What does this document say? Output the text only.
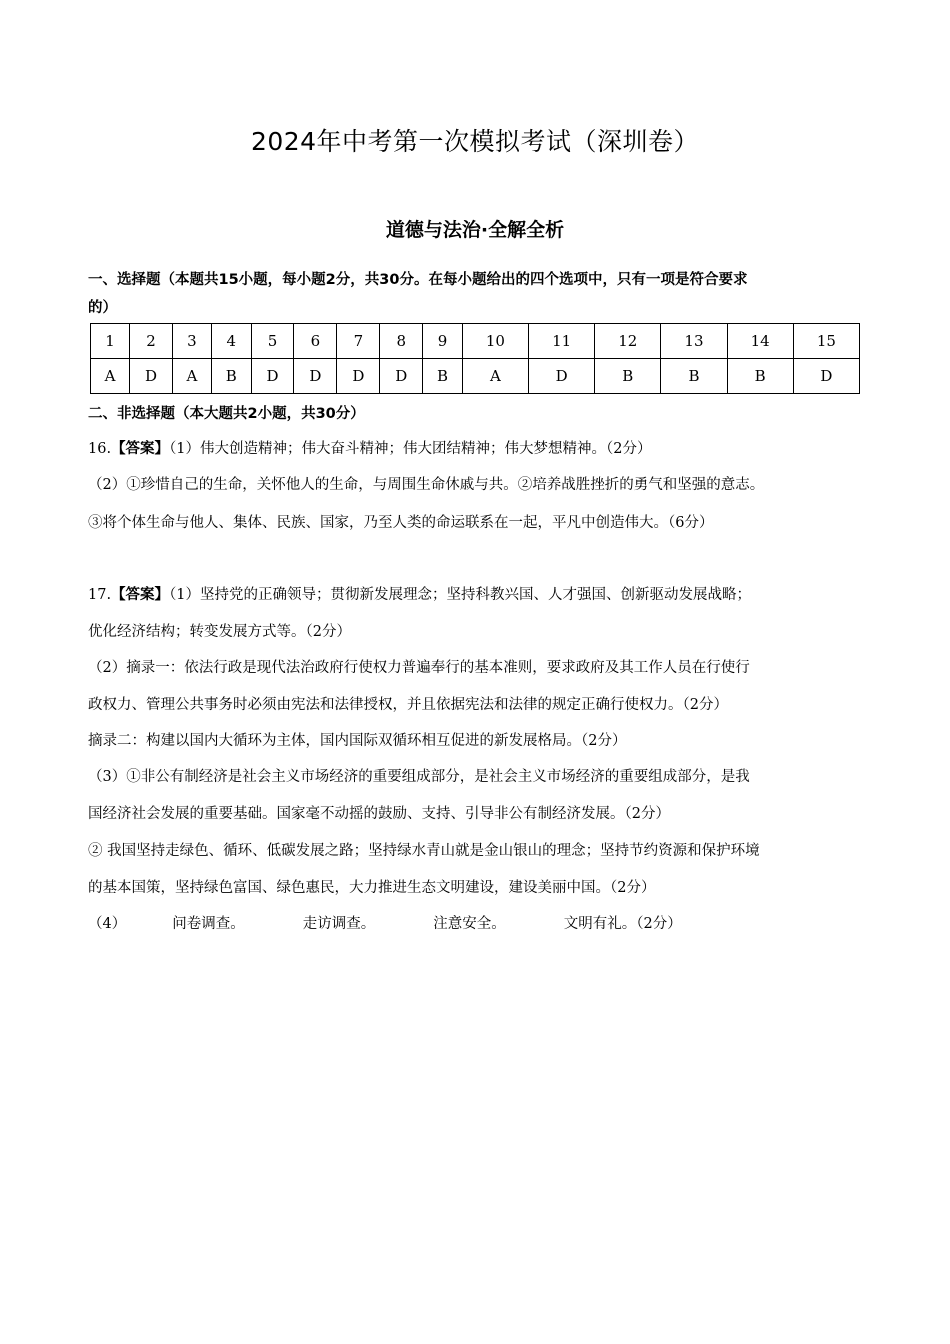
2024年中考第一次模拟考试（深圳卷）
道德与法治·全解全析
一、选择题（本题共15小题，每小题2分，共30分。在每小题给出的四个选项中，只有一项是符合要求
的）
1	2	3	4	5	6	7	8	9	10	11	12	13	14	15
A	D	A	B	D	D	D	D	B	A	D	B	B	B	D
二、非选择题（本大题共2小题，共30分）
16.【答案】（1）伟大创造精神；伟大奋斗精神；伟大团结精神；伟大梦想精神。（2分）
（2）①珍惜自己的生命，关怀他人的生命，与周围生命休戚与共。②培养战胜挫折的勇气和坚强的意志。
③将个体生命与他人、集体、民族、国家，乃至人类的命运联系在一起，平凡中创造伟大。（6分）
17.【答案】（1）坚持党的正确领导；贯彻新发展理念；坚持科教兴国、人才强国、创新驱动发展战略；
优化经济结构；转变发展方式等。（2分）
（2）摘录一：依法行政是现代法治政府行使权力普遍奉行的基本准则，要求政府及其工作人员在行使行
政权力、管理公共事务时必须由宪法和法律授权，并且依据宪法和法律的规定正确行使权力。（2分）
摘录二：构建以国内大循环为主体，国内国际双循环相互促进的新发展格局。（2分）
（3）①非公有制经济是社会主义市场经济的重要组成部分，是社会主义市场经济的重要组成部分，是我
国经济社会发展的重要基础。国家毫不动摇的鼓励、支持、引导非公有制经济发展。（2分）
② 我国坚持走绿色、循环、低碳发展之路；坚持绿水青山就是金山银山的理念；坚持节约资源和保护环境
的基本国策，坚持绿色富国、绿色惠民，大力推进生态文明建设，建设美丽中国。（2分）
（4）	问卷调查。	走访调查。	注意安全。	文明有礼。（2分）
